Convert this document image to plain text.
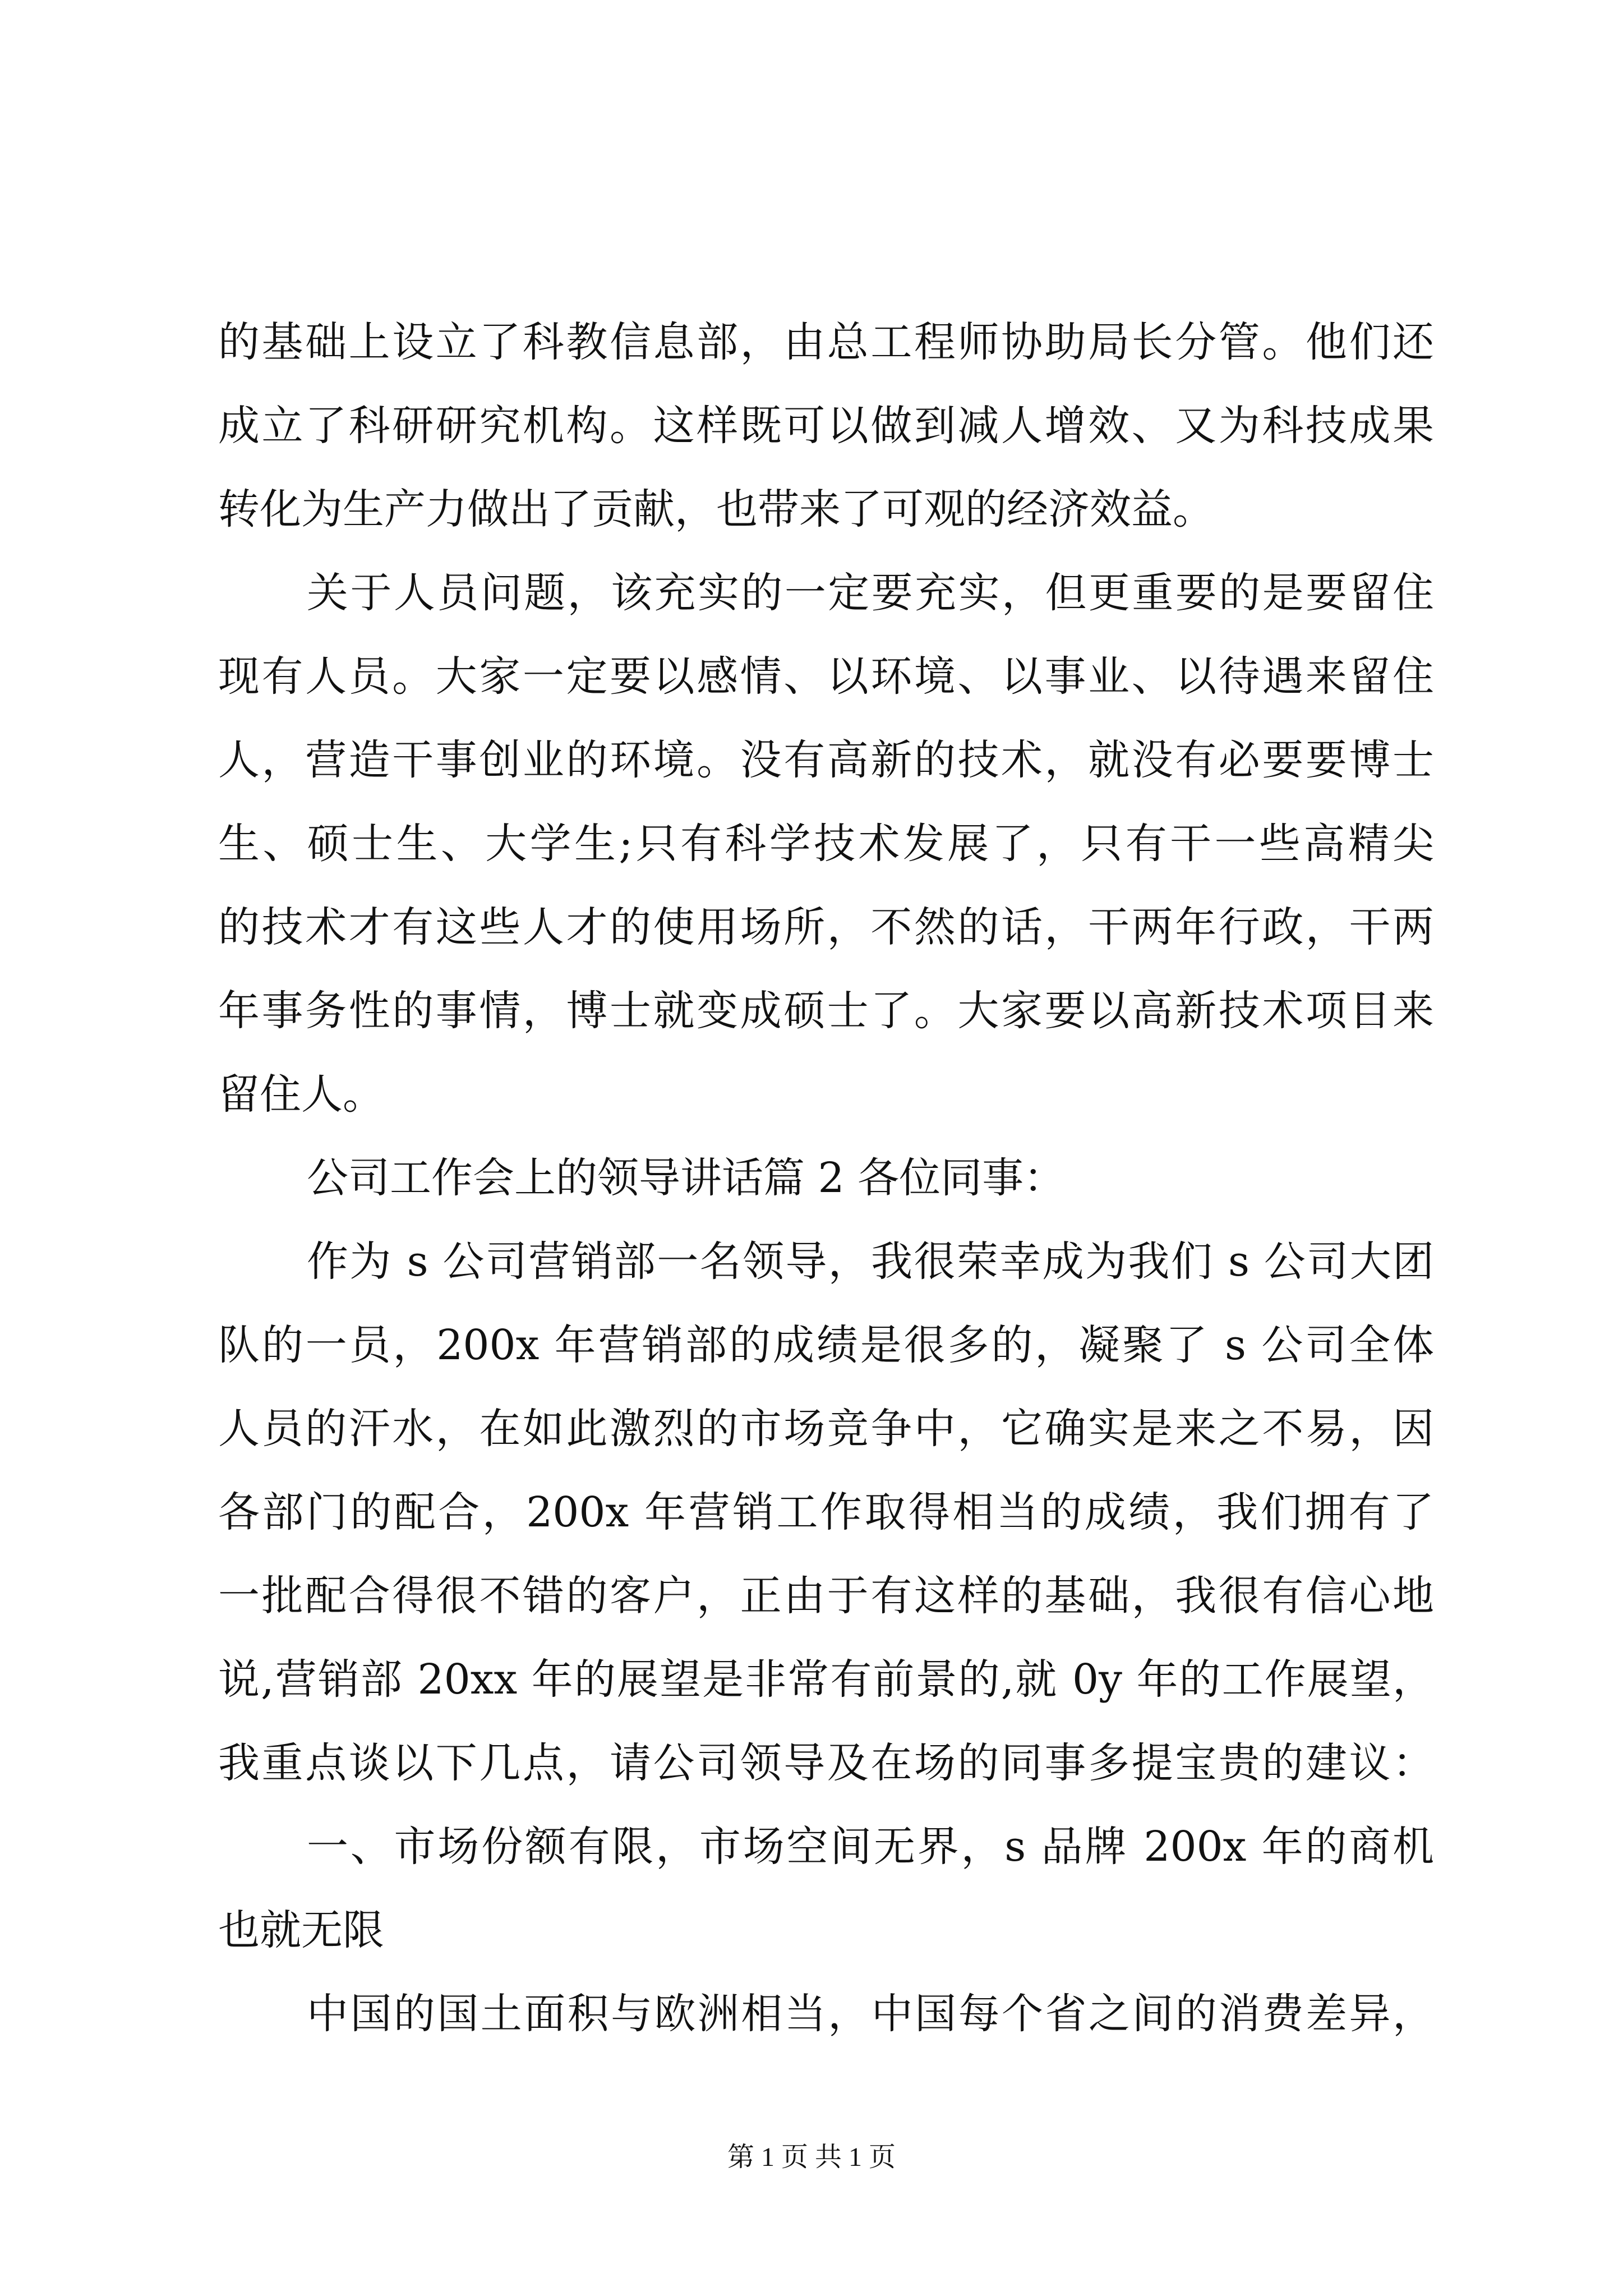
的基础上设立了科教信息部，由总工程师协助局长分管。他们还
成立了科研研究机构。这样既可以做到减人增效、又为科技成果
转化为生产力做出了贡献，也带来了可观的经济效益。
关于人员问题，该充实的一定要充实，但更重要的是要留住
现有人员。大家一定要以感情、以环境、以事业、以待遇来留住
人，营造干事创业的环境。没有高新的技术，就没有必要要博士
生、硕士生、大学生;只有科学技术发展了，只有干一些高精尖
的技术才有这些人才的使用场所，不然的话，干两年行政，干两
年事务性的事情，博士就变成硕士了。大家要以高新技术项目来
留住人。
公司工作会上的领导讲话篇 2 各位同事：
作为 s 公司营销部一名领导，我很荣幸成为我们 s 公司大团
队的一员，200x 年营销部的成绩是很多的，凝聚了 s 公司全体
人员的汗水，在如此激烈的市场竞争中，它确实是来之不易，因
各部门的配合，200x 年营销工作取得相当的成绩，我们拥有了
一批配合得很不错的客户，正由于有这样的基础，我很有信心地
说,营销部 20xx 年的展望是非常有前景的,就 0y 年的工作展望，
我重点谈以下几点，请公司领导及在场的同事多提宝贵的建议：
一、市场份额有限，市场空间无界，s 品牌 200x 年的商机
也就无限
中国的国土面积与欧洲相当，中国每个省之间的消费差异，
第 1 页 共 1 页
